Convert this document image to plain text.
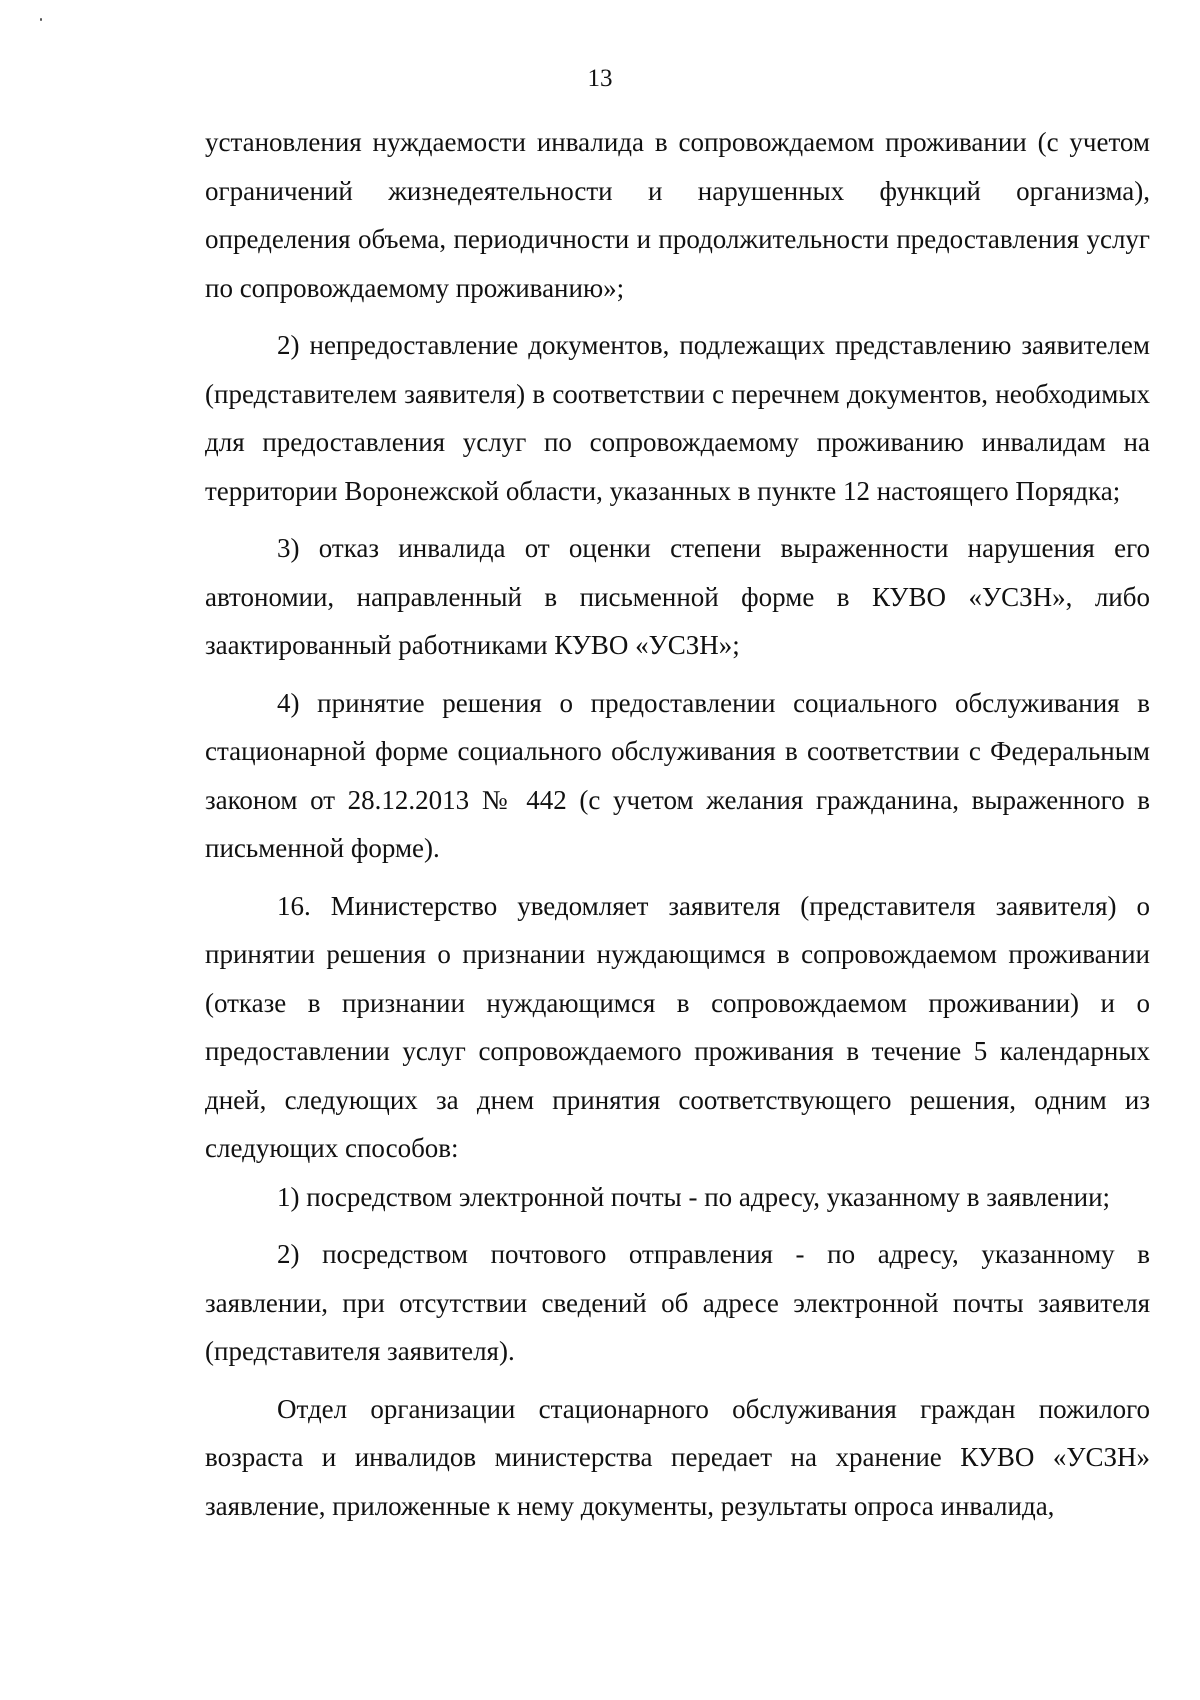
13

установления нуждаемости инвалида в сопровождаемом проживании (с учетом ограничений жизнедеятельности и нарушенных функций организма), определения объема, периодичности и продолжительности предоставления услуг по сопровождаемому проживанию»;

2) непредоставление документов, подлежащих представлению заявителем (представителем заявителя) в соответствии с перечнем документов, необходимых для предоставления услуг по сопровождаемому проживанию инвалидам на территории Воронежской области, указанных в пункте 12 настоящего Порядка;

3) отказ инвалида от оценки степени выраженности нарушения его автономии, направленный в письменной форме в КУВО «УСЗН», либо заактированный работниками КУВО «УСЗН»;

4) принятие решения о предоставлении социального обслуживания в стационарной форме социального обслуживания в соответствии с Федеральным законом от 28.12.2013 № 442 (с учетом желания гражданина, выраженного в письменной форме).

16. Министерство уведомляет заявителя (представителя заявителя) о принятии решения о признании нуждающимся в сопровождаемом проживании (отказе в признании нуждающимся в сопровождаемом проживании) и о предоставлении услуг сопровождаемого проживания в течение 5 календарных дней, следующих за днем принятия соответствующего решения, одним из следующих способов:

1) посредством электронной почты - по адресу, указанному в заявлении;

2) посредством почтового отправления - по адресу, указанному в заявлении, при отсутствии сведений об адресе электронной почты заявителя (представителя заявителя).

Отдел организации стационарного обслуживания граждан пожилого возраста и инвалидов министерства передает на хранение КУВО «УСЗН» заявление, приложенные к нему документы, результаты опроса инвалида,
